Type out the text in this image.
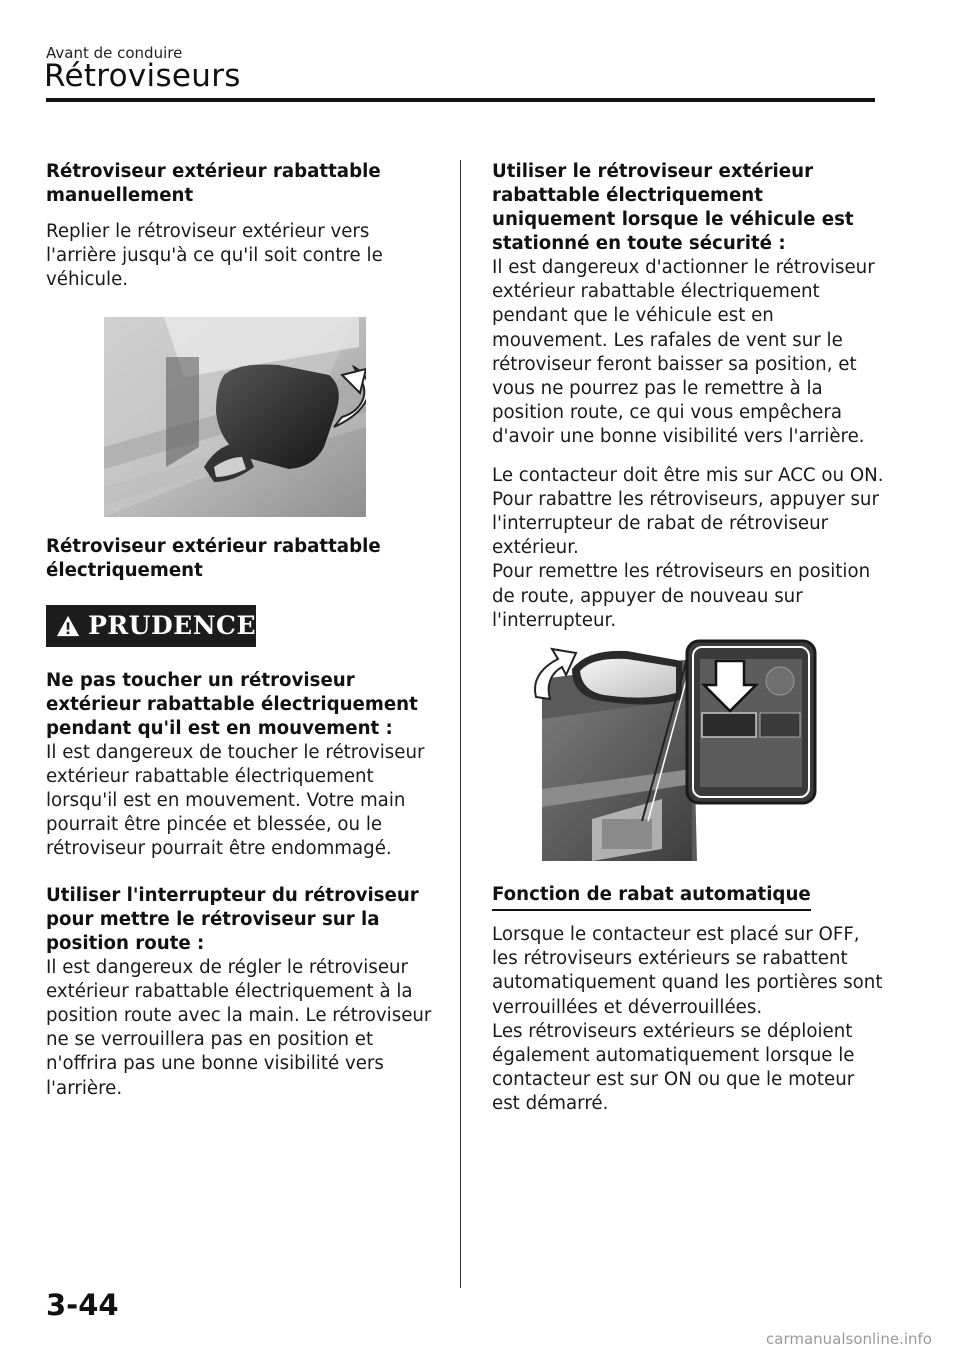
Avant de conduire
Rétroviseurs

Rétroviseur extérieur rabattable manuellement

Replier le rétroviseur extérieur vers l'arrière jusqu'à ce qu'il soit contre le véhicule.

Rétroviseur extérieur rabattable électriquement

PRUDENCE

Ne pas toucher un rétroviseur extérieur rabattable électriquement pendant qu'il est en mouvement :

Il est dangereux de toucher le rétroviseur extérieur rabattable électriquement lorsqu'il est en mouvement. Votre main pourrait être pincée et blessée, ou le rétroviseur pourrait être endommagé.

Utiliser l'interrupteur du rétroviseur pour mettre le rétroviseur sur la position route :

Il est dangereux de régler le rétroviseur extérieur rabattable électriquement à la position route avec la main. Le rétroviseur ne se verrouillera pas en position et n'offrira pas une bonne visibilité vers l'arrière.

Utiliser le rétroviseur extérieur rabattable électriquement uniquement lorsque le véhicule est stationné en toute sécurité :

Il est dangereux d'actionner le rétroviseur extérieur rabattable électriquement pendant que le véhicule est en mouvement. Les rafales de vent sur le rétroviseur feront baisser sa position, et vous ne pourrez pas le remettre à la position route, ce qui vous empêchera d'avoir une bonne visibilité vers l'arrière.

Le contacteur doit être mis sur ACC ou ON.

Pour rabattre les rétroviseurs, appuyer sur l'interrupteur de rabat de rétroviseur extérieur.

Pour remettre les rétroviseurs en position de route, appuyer de nouveau sur l'interrupteur.

Fonction de rabat automatique

Lorsque le contacteur est placé sur OFF, les rétroviseurs extérieurs se rabattent automatiquement quand les portières sont verrouillées et déverrouillées.

Les rétroviseurs extérieurs se déploient également automatiquement lorsque le contacteur est sur ON ou que le moteur est démarré.

3-44
carmanualsonline.info
